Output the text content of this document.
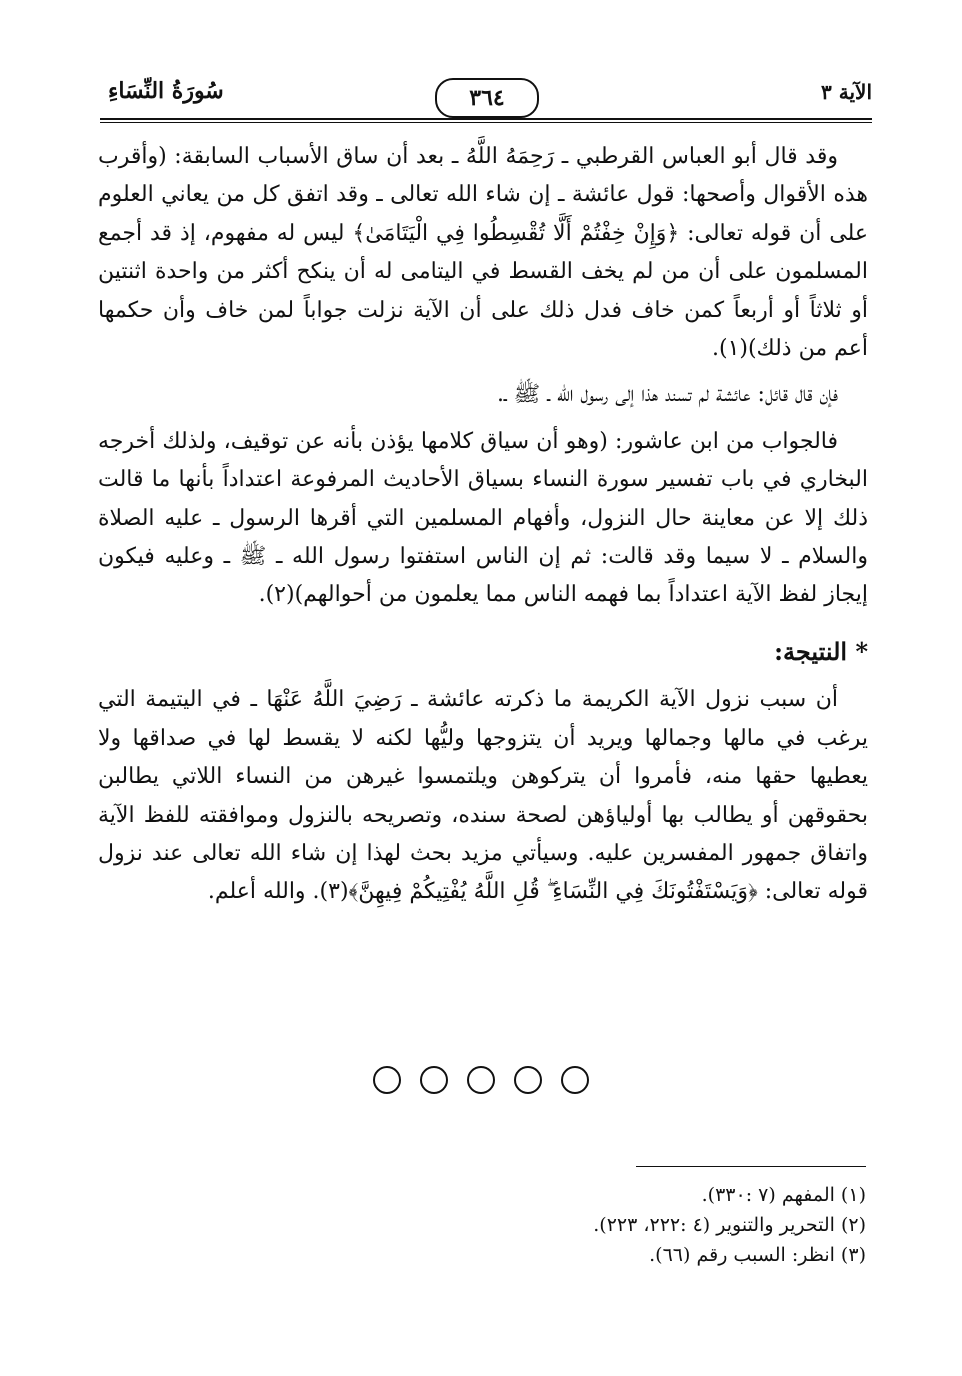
الآية ٣
٣٦٤
سُورَةُ النِّسَاءِ

وقد قال أبو العباس القرطبي ـ رَحِمَهُ اللَّهُ ـ بعد أن ساق الأسباب السابقة: (وأقرب هذه الأقوال وأصحها: قول عائشة ـ إن شاء الله تعالى ـ وقد اتفق كل من يعاني العلوم على أن قوله تعالى: ﴿وَإِنْ خِفْتُمْ أَلَّا تُقْسِطُوا فِي الْيَتَامَىٰ﴾ ليس له مفهوم، إذ قد أجمع المسلمون على أن من لم يخف القسط في اليتامى له أن ينكح أكثر من واحدة اثنتين أو ثلاثاً أو أربعاً كمن خاف فدل ذلك على أن الآية نزلت جواباً لمن خاف وأن حكمها أعم من ذلك)(١).

فإن قال قائل: عائشة لم تسند هذا إلى رسول الله ـ ﷺ ـ.

فالجواب من ابن عاشور: (وهو أن سياق كلامها يؤذن بأنه عن توقيف، ولذلك أخرجه البخاري في باب تفسير سورة النساء بسياق الأحاديث المرفوعة اعتداداً بأنها ما قالت ذلك إلا عن معاينة حال النزول، وأفهام المسلمين التي أقرها الرسول ـ عليه الصلاة والسلام ـ لا سيما وقد قالت: ثم إن الناس استفتوا رسول الله ـ ﷺ ـ وعليه فيكون إيجاز لفظ الآية اعتداداً بما فهمه الناس مما يعلمون من أحوالهم)(٢).

* النتيجة:

أن سبب نزول الآية الكريمة ما ذكرته عائشة ـ رَضِيَ اللَّهُ عَنْهَا ـ في اليتيمة التي يرغب في مالها وجمالها ويريد أن يتزوجها وليُّها لكنه لا يقسط لها في صداقها ولا يعطيها حقها منه، فأمروا أن يتركوهن ويلتمسوا غيرهن من النساء اللاتي يطالبن بحقوقهن أو يطالب بها أولياؤهن لصحة سنده، وتصريحه بالنزول وموافقته للفظ الآية واتفاق جمهور المفسرين عليه. وسيأتي مزيد بحث لهذا إن شاء الله تعالى عند نزول قوله تعالى: ﴿وَيَسْتَفْتُونَكَ فِي النِّسَاءِ ۖ قُلِ اللَّهُ يُفْتِيكُمْ فِيهِنَّ﴾(٣). والله أعلم.

(١) المفهم (٧ :٣٣٠).
(٢) التحرير والتنوير (٤ :٢٢٢، ٢٢٣).
(٣) انظر: السبب رقم (٦٦).
